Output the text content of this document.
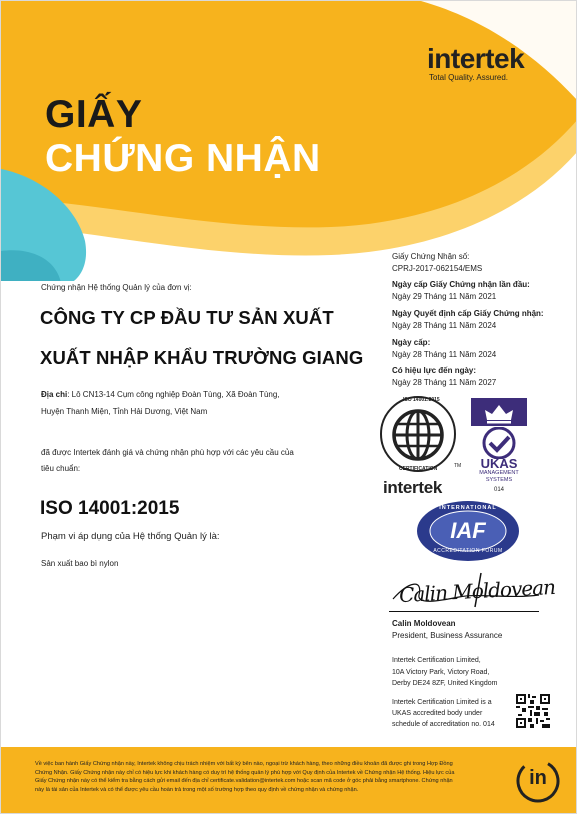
GIẤY
CHỨNG NHẬN
intertek
Total Quality. Assured.
Chứng nhận Hệ thống Quản lý của đơn vị:
CÔNG TY CP ĐẦU TƯ SẢN XUẤT
XUẤT NHẬP KHẨU TRƯỜNG GIANG
Địa chỉ: Lô CN13-14 Cụm công nghiệp Đoàn Tùng, Xã Đoàn Tùng,
Huyện Thanh Miện, Tỉnh Hải Dương, Việt Nam
đã được Intertek đánh giá và chứng nhận phù hợp với các yêu cầu của
tiêu chuẩn:
ISO 14001:2015
Phạm vi áp dụng của Hệ thống Quản lý là:
Sản xuất bao bì nylon
Giấy Chứng Nhận số:
CPRJ-2017-062154/EMS
Ngày cấp Giấy Chứng nhận lần đầu:
Ngày 29 Tháng 11 Năm 2021
Ngày Quyết định cấp Giấy Chứng nhận:
Ngày 28 Tháng 11 Năm 2024
Ngày cấp:
Ngày 28 Tháng 11 Năm 2024
Có hiệu lực đến ngày:
Ngày 28 Tháng 11 Năm 2027
ISO 14001:2015
CERTIFICATION	TM
intertek
UKAS
MANAGEMENT
SYSTEMS
014
INTERNATIONAL
IAF
ACCREDITATION FORUM
Calin Moldovean
Calin Moldovean
President, Business Assurance
Intertek Certification Limited,
10A Victory Park, Victory Road,
Derby DE24 8ZF, United Kingdom
Intertek Certification Limited is a
UKAS accredited body under
schedule of accreditation no. 014
Về việc ban hành Giấy Chứng nhận này, Intertek không chịu trách nhiệm với bất kỳ bên nào, ngoại trừ khách hàng, theo những điều khoản đã được ghi trong Hợp Đồng
Chứng Nhận. Giấy Chứng nhận này chỉ có hiệu lực khi khách hàng có duy trì hệ thống quản lý phù hợp với Quy định của Intertek về Chứng nhận Hệ thống. Hiệu lực của
Giấy Chứng nhận này có thể kiểm tra bằng cách gửi email đến địa chỉ certificate.validation@intertek.com hoặc scan mã code ở góc phải bằng smartphone. Chứng nhận
này là tài sản của Intertek và có thể được yêu cầu hoàn trả trong một số trường hợp theo quy định về chứng nhận và chứng nhận.
in
